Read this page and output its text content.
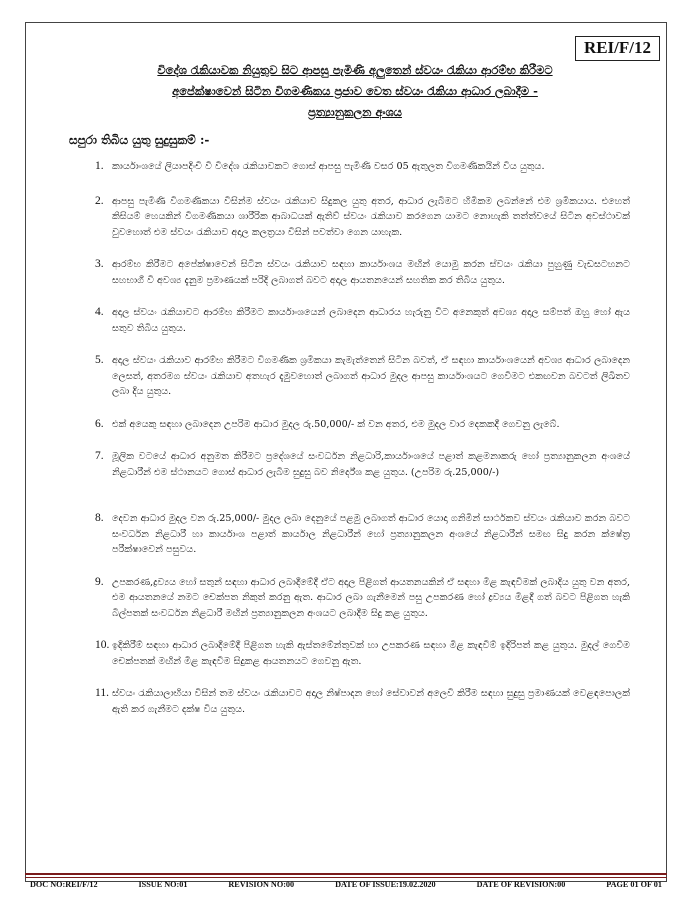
REI/F/12
විදේශ රැකියාවක නියුතුව සිට ආපසු පැමිණි අලුතෙන් ස්වයං රැකියා ආරම්භ කිරීමට
අපේක්ෂාවෙන් සිටින විගමණිකය ප්‍රජාව වෙත ස්වයං රැකියා ආධාර ලබාදීම -
ප්‍රත්‍යානුකලන අංශය
සපුරා තිබිය යුතු සුදුසුකම් :-
1. කාර්යාංශයේ ලියාපදිංචි වී විදේශ රැකියාවකට ගොස් ආපසු පැමිණි වසර 05 ඇතුලත විගමණිකයින් විය යුතුය.
2. ආපසු පැමිණි විගමණිකයා විසින්ම ස්වයං රැකියාව සිදුකල යුතු අතර, ආධාර ලැබීමට හිමිකම ලබන්නේ එම ශ්‍රමිකයාය. එහෙත් කිසියම් හෙයකින් විගමණිකයා ශාරීරික ආබාධයක් ඇතිව් ස්වයං රැකියාව කරගෙන යාමට නොහැකි තත්ත්වයේ සිටින අවස්ථාවක් වුවහොත් එම ස්වයං රැකියාව අදාල කලත්‍රයා විසින් පවත්වා ගෙන යාහැක.
3. ආරම්භ කිරීමට අපේක්ෂාවෙන් සිටින ස්වයං රැකියාව සඳහා කාර්යාංශය මඟින් යොමු කරන ස්වයං රැකියා පුහුණු වැඩසටහනට සහභාගී වී අවශ්‍ය දැනුම ප්‍රමාණයක් පරිදි ලබාගත් බවට අදාල ආයතනයෙන් සහතික කර තිබිය යුතුය.
4. අදාල ස්වයං රැකියාවට ආරම්භ කිරීමට කාර්යාංශයෙන් ලබාදෙන ආධාරය හැරුනු විට අනෙකුත් අවශ්‍ය අදාල සම්පත් ඔහු හෝ ඇය සතුව තිබිය යුතුය.
5. අදාල ස්වයං රැකියාව ආරම්භ කිරීමට විගමණික ශ්‍රමිකයා කැමැත්තෙන් සිටින බවත්, ඒ සඳහා කාර්යාංශයෙන් අවශ්‍ය ආධාර ලබාදෙන ලෙසත්, අතරමග ස්වයං රැකියාව අතහැර දැමුවහොත් ලබාගත් ආධාර මුදල ආපසු කාර්යාංශයට ගෙවීමට එකඟවන බවටත් ලිඛිතව ලබා දිය යුතුය.
6. එක් අයෙකු සඳහා ලබාදෙන උපරිම ආධාර මුදල රු.50,000/- ක් වන අතර, එම මුදල වාර දෙකකදී ගෙවනු ලැබේ.
7. මූලික වටයේ ආධාර අනුමත කිරීමට ප්‍රදේශයේ සංවර්ධන නිළධාරි,කාර්යාංශයේ පළාත් කළමනාකරු හෝ ප්‍රත්‍යානුකලන අංශයේ නිළධාරීන් එම ස්ථානයට ගොස් ආධාර ලැබීම සුදුසු බව නිර්දේශ කළ යුතුය. (උපරිම රු.25,000/-)
8. දෙවන ආධාර මුදල වන රු.25,000/- මුදල ලබා දෙනුයේ පළමු ලබාගත් ආධාර යොදා ගනිමින් සාර්ථකව ස්වයං රැකියාව කරන බවට සංවර්ධන නිළධාරී හා කාර්යාංශ පළාත් කාර්යාල නිළධාරීන් හෝ ප්‍රත්‍යානුකලන අංශයේ නිළධාරීන් සමඟ සිදු කරන ක්ෂේත්‍ර පරීක්ෂාවෙන් පසුවය.
9. උපකරණ,ද්‍රව්‍යය හෝ සතුන් සඳහා ආධාර ලබාදීමේදී ඒට අදාල පිළිගත් ආයතනයකින් ඒ සඳහා මිළ කැඳවීමක් ලබාදිය යුතු වන අතර, එම ආයතනයේ නමට චෙක්පත නිකුත් කරනු ඇත. ආධාර ලබා ගැනීමෙන් පසු උපකරණ හෝ ද්‍රව්‍යය මිළදී ගත් බවට පිළිගත හැකි බිල්පතක් සංවර්ධන නිළධාරී මඟින් ප්‍රත්‍යානුකලන අංශයට ලබාදීම සිදු කළ යුතුය.
10. ඉදිකිරීම් සඳහා ආධාර ලබාදීමේදී පිළිගත හැකි ඇස්තමේන්තුවක් හා උපකරණ සඳහා මිළ කැඳවීම් ඉදිරිපත් කළ යුතුය. මුදල් ගෙවීම චෙක්පතක් මඟින් මිළ කැඳවීම සිදුකළ ආයතනයට ගෙවනු ඇත.
11. ස්වයං රැකියාලාභියා විසින් තම ස්වයං රැකියාවට අදාල නිෂ්පාදන හෝ සේවාවන් අලෙවි කිරීම සඳහා සුදුසු ප්‍රමාණයක් වෙළඳපොලක් ඇති කර ගැනීමට දක්ෂ විය යුතුය.
DOC NO:REI/F/12	ISSUE NO:01	REVISION NO:00	DATE OF ISSUE:19.02.2020	DATE OF REVISION:00	PAGE 01 OF 01
